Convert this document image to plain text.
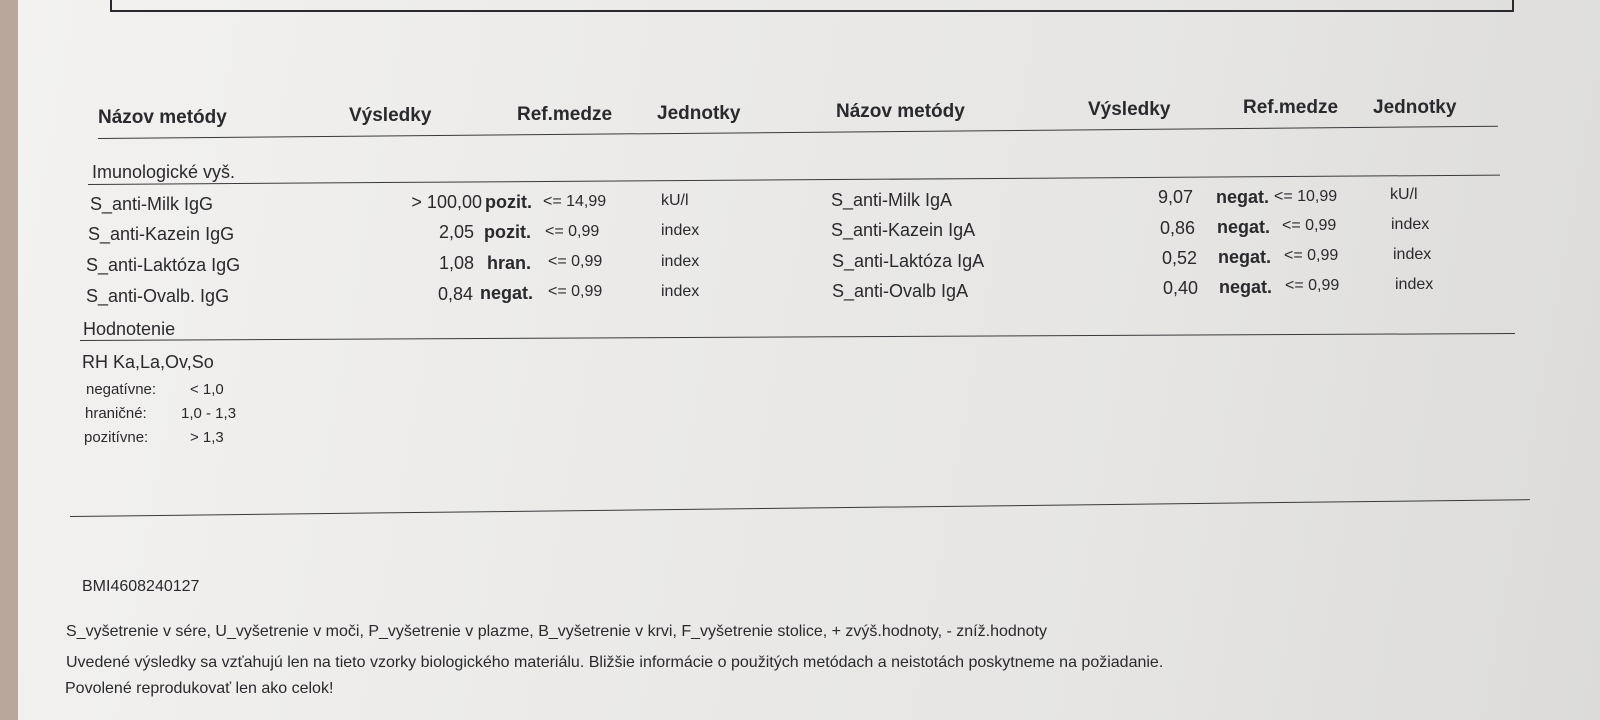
Názov metódy	Výsledky	Ref.medze Jednotky	Názov metódy	Výsledky	Ref.medze Jednotky
Imunologické vyš.
S_anti-Milk IgG	> 100,00 pozit. <= 14,99	kU/l
S_anti-Kazein IgG	2,05 pozit. <= 0,99	index
S_anti-Laktóza IgG	1,08 hran. <= 0,99	index
S_anti-Ovalb. IgG	0,84 negat. <= 0,99	index
S_anti-Milk IgA	9,07 negat. <= 10,99	kU/l
S_anti-Kazein IgA	0,86 negat. <= 0,99	index
S_anti-Laktóza IgA	0,52 negat. <= 0,99	index
S_anti-Ovalb IgA	0,40 negat. <= 0,99	index
Hodnotenie
RH Ka,La,Ov,So
negatívne: < 1,0
hraničné: 1,0 - 1,3
pozitívne:	> 1,3
BMI4608240127
S_vyšetrenie v sére, U_vyšetrenie v moči, P_vyšetrenie v plazme, B_vyšetrenie v krvi, F_vyšetrenie stolice, + zvýš.hodnoty, - zníž.hodnoty
Uvedené výsledky sa vzťahujú len na tieto vzorky biologického materiálu. Bližšie informácie o použitých metódach a neistotách poskytneme na požiadanie.
Povolené reprodukovať len ako celok!
